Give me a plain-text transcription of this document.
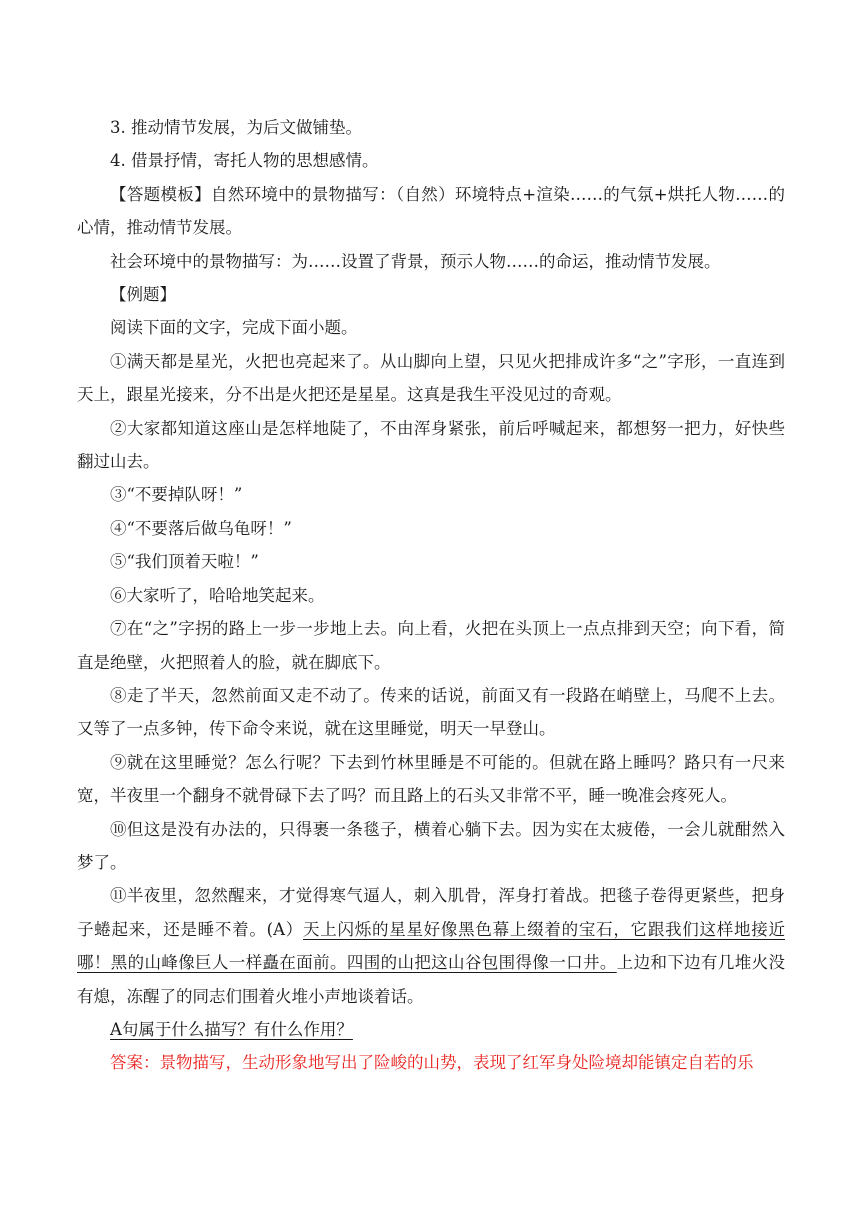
3. 推动情节发展，为后文做铺垫。

4. 借景抒情，寄托人物的思想感情。

【答题模板】自然环境中的景物描写：（自然）环境特点+渲染……的气氛+烘托人物……的心情，推动情节发展。

社会环境中的景物描写：为……设置了背景，预示人物……的命运，推动情节发展。

【例题】

阅读下面的文字，完成下面小题。

①满天都是星光，火把也亮起来了。从山脚向上望，只见火把排成许多“之”字形，一直连到天上，跟星光接来，分不出是火把还是星星。这真是我生平没见过的奇观。

②大家都知道这座山是怎样地陡了，不由浑身紧张，前后呼喊起来，都想努一把力，好快些翻过山去。

③“不要掉队呀！”

④“不要落后做乌龟呀！”

⑤“我们顶着天啦！”

⑥大家听了，哈哈地笑起来。

⑦在“之”字拐的路上一步一步地上去。向上看，火把在头顶上一点点排到天空；向下看，简直是绝壁，火把照着人的脸，就在脚底下。

⑧走了半天，忽然前面又走不动了。传来的话说，前面又有一段路在峭壁上，马爬不上去。又等了一点多钟，传下命令来说，就在这里睡觉，明天一早登山。

⑨就在这里睡觉？怎么行呢？下去到竹林里睡是不可能的。但就在路上睡吗？路只有一尺来宽，半夜里一个翻身不就骨碌下去了吗？而且路上的石头又非常不平，睡一晚准会疼死人。

⑩但这是没有办法的，只得裹一条毯子，横着心躺下去。因为实在太疲倦，一会儿就酣然入梦了。

⑪半夜里，忽然醒来，才觉得寒气逼人，刺入肌骨，浑身打着战。把毯子卷得更紧些，把身子蜷起来，还是睡不着。(A）天上闪烁的星星好像黑色幕上缀着的宝石，它跟我们这样地接近哪！黑的山峰像巨人一样矗在面前。四围的山把这山谷包围得像一口井。上边和下边有几堆火没有熄，冻醒了的同志们围着火堆小声地谈着话。

A句属于什么描写？有什么作用？

答案：景物描写，生动形象地写出了险峻的山势，表现了红军身处险境却能镇定自若的乐
